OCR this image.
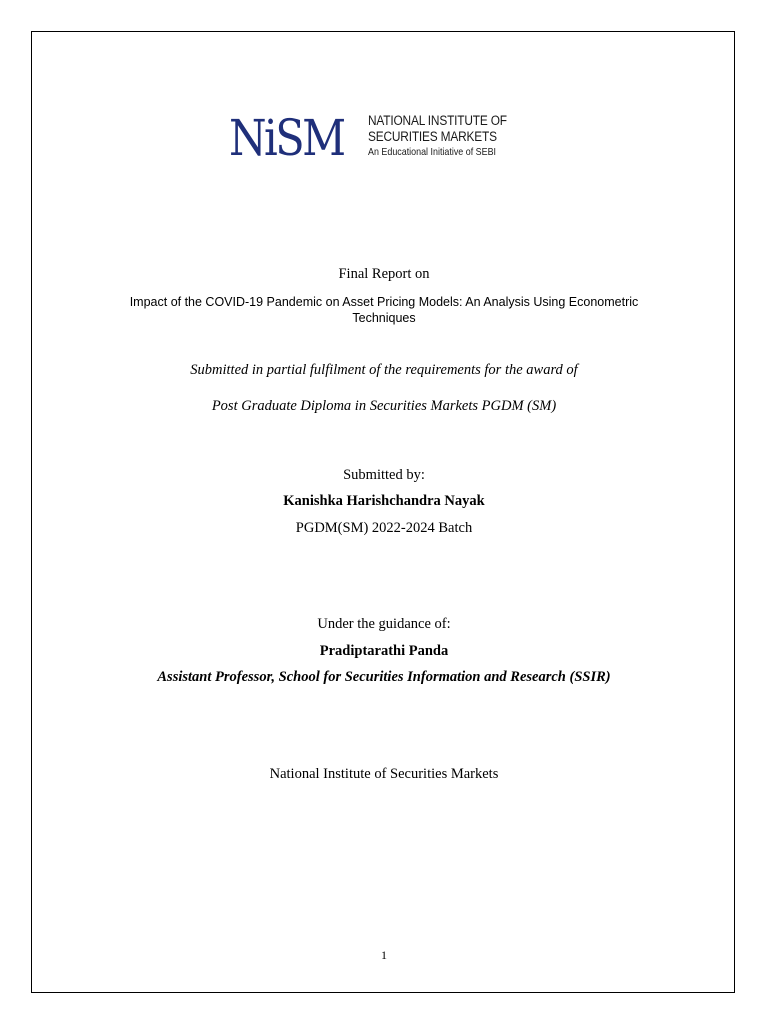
NiSM NATIONAL INSTITUTE OF
SECURITIES MARKETS
An Educational Initiative of SEBI
Final Report on
Impact of the COVID-19 Pandemic on Asset Pricing Models: An Analysis Using Econometric Techniques
Submitted in partial fulfilment of the requirements for the award of
Post Graduate Diploma in Securities Markets PGDM (SM)
Submitted by:
Kanishka Harishchandra Nayak
PGDM(SM) 2022-2024 Batch
Under the guidance of:
Pradiptarathi Panda
Assistant Professor, School for Securities Information and Research (SSIR)
National Institute of Securities Markets
1
